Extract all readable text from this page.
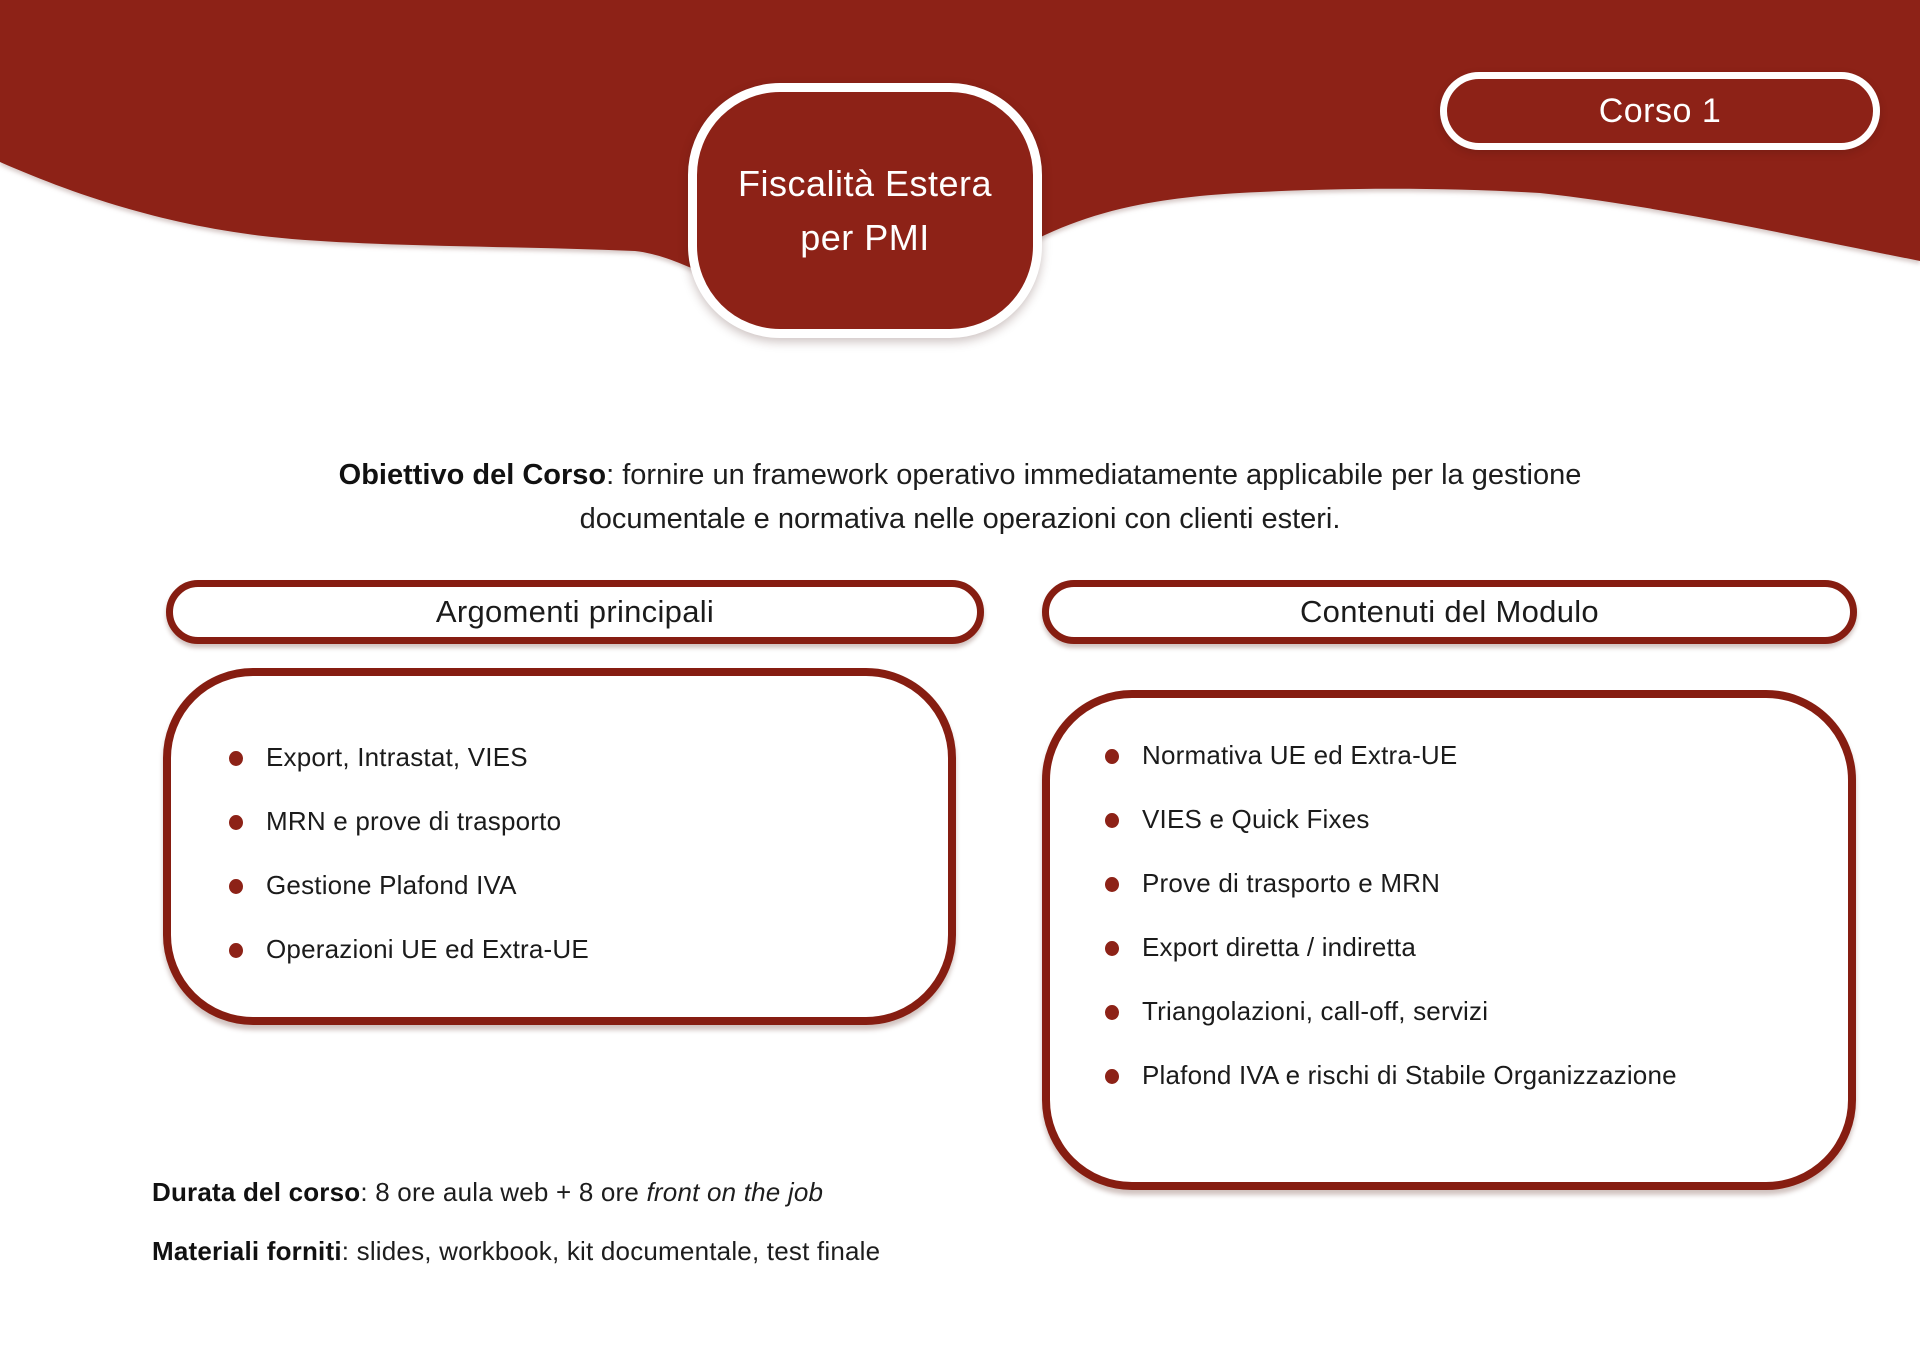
Fiscalità Estera
per PMI
Corso 1

Obiettivo del Corso: fornire un framework operativo immediatamente applicabile per la gestione
documentale e normativa nelle operazioni con clienti esteri.

Argomenti principali	Contenuti del Modulo
Export, Intrastat, VIES
MRN e prove di trasporto
Gestione Plafond IVA
Operazioni UE ed Extra-UE
Normativa UE ed Extra-UE
VIES e Quick Fixes
Prove di trasporto e MRN
Export diretta / indiretta
Triangolazioni, call-off, servizi
Plafond IVA e rischi di Stabile Organizzazione

Durata del corso: 8 ore aula web + 8 ore front on the job

Materiali forniti: slides, workbook, kit documentale, test finale
